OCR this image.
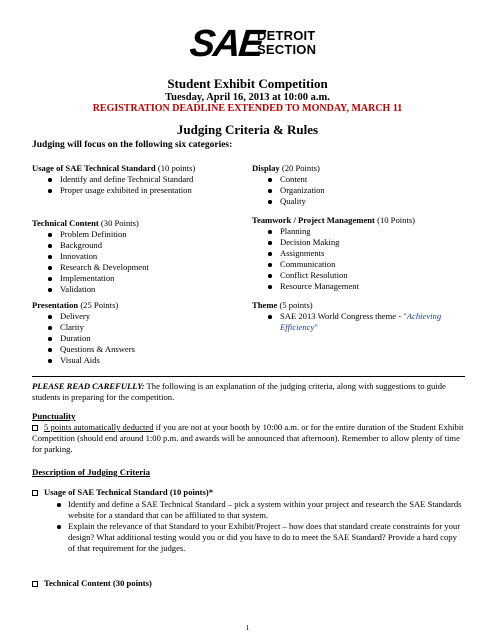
SAE
DETROIT
SECTION
Student Exhibit Competition
Tuesday, April 16, 2013 at 10:00 a.m.
REGISTRATION DEADLINE EXTENDED TO MONDAY, MARCH 11
Judging Criteria & Rules
Judging will focus on the following six categories:
Usage of SAE Technical Standard (10 points)
Identify and define Technical Standard
Proper usage exhibited in presentation
Display (20 Points)
Content
Organization
Quality
Technical Content (30 Points)
Problem Definition
Background
Innovation
Research & Development
Implementation
Validation
Teamwork / Project Management (10 Points)
Planning
Decision Making
Assignments
Communication
Conflict Resolution
Resource Management
Presentation (25 Points)
Delivery
Clarity
Duration
Questions & Answers
Visual Aids
Theme (5 points)
SAE 2013 World Congress theme - "Achieving Efficiency"
PLEASE READ CAREFULLY: The following is an explanation of the judging criteria, along with suggestions to guide students in preparing for the competition.
Punctuality
5 points automatically deducted if you are not at your booth by 10:00 a.m. or for the entire duration of the Student Exhibit Competition (should end around 1:00 p.m. and awards will be announced that afternoon). Remember to allow plenty of time for parking.
Description of Judging Criteria
Usage of SAE Technical Standard (10 points)*
Identify and define a SAE Technical Standard – pick a system within your project and research the SAE Standards website for a standard that can be affiliated to that system.
Explain the relevance of that Standard to your Exhibit/Project – how does that standard create constraints for your design? What additional testing would you or did you have to do to meet the SAE Standard? Provide a hard copy of that requirement for the judges.
Technical Content (30 points)
1
